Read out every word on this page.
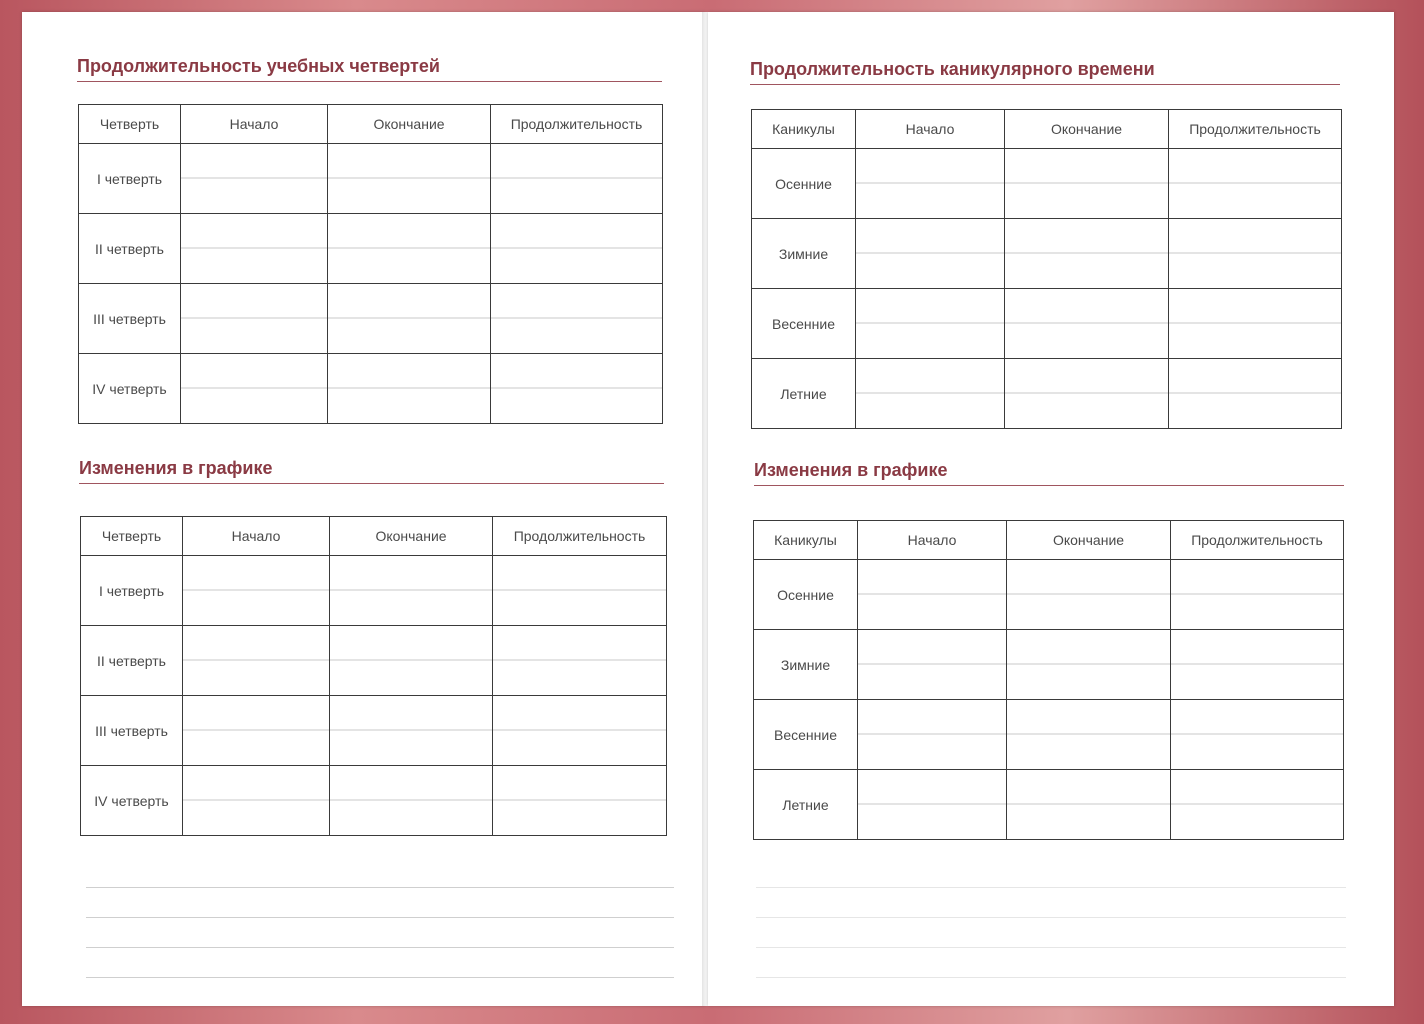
Продолжительность учебных четвертей
Четверть	Начало	Окончание	Продолжительность
I четверть			
II четверть			
III четверть			
IV четверть			
Изменения в графике
Четверть	Начало	Окончание	Продолжительность
I четверть			
II четверть			
III четверть			
IV четверть			
Продолжительность каникулярного времени
Каникулы	Начало	Окончание	Продолжительность
Осенние			
Зимние			
Весенние			
Летние			
Изменения в графике
Каникулы	Начало	Окончание	Продолжительность
Осенние			
Зимние			
Весенние			
Летние			
